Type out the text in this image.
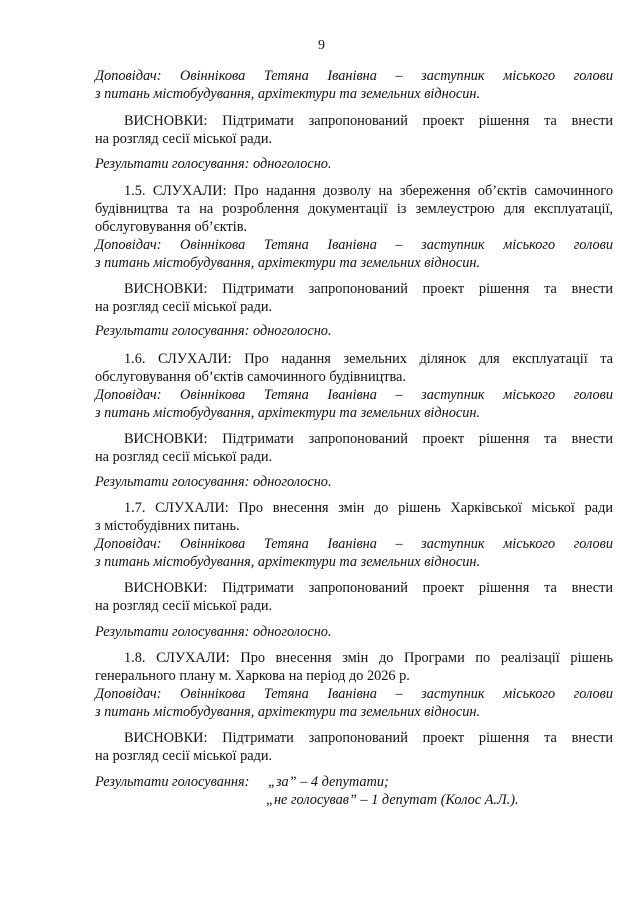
9
Доповідач: Овіннікова Тетяна Іванівна – заступник міського голови
з питань містобудування, архітектури та земельних відносин.
ВИСНОВКИ: Підтримати запропонований проект рішення та внести
на розгляд сесії міської ради.
Результати голосування: одноголосно.
1.5. СЛУХАЛИ: Про надання дозволу на збереження об’єктів самочинного
будівництва та на розроблення документації із землеустрою для експлуатації,
обслуговування об’єктів.
Доповідач: Овіннікова Тетяна Іванівна – заступник міського голови
з питань містобудування, архітектури та земельних відносин.
ВИСНОВКИ: Підтримати запропонований проект рішення та внести
на розгляд сесії міської ради.
Результати голосування: одноголосно.
1.6. СЛУХАЛИ: Про надання земельних ділянок для експлуатації та
обслуговування об’єктів самочинного будівництва.
Доповідач: Овіннікова Тетяна Іванівна – заступник міського голови
з питань містобудування, архітектури та земельних відносин.
ВИСНОВКИ: Підтримати запропонований проект рішення та внести
на розгляд сесії міської ради.
Результати голосування: одноголосно.
1.7. СЛУХАЛИ: Про внесення змін до рішень Харківської міської ради
з містобудівних питань.
Доповідач: Овіннікова Тетяна Іванівна – заступник міського голови
з питань містобудування, архітектури та земельних відносин.
ВИСНОВКИ: Підтримати запропонований проект рішення та внести
на розгляд сесії міської ради.
Результати голосування: одноголосно.
1.8. СЛУХАЛИ: Про внесення змін до Програми по реалізації рішень
генерального плану м. Харкова на період до 2026 р.
Доповідач: Овіннікова Тетяна Іванівна – заступник міського голови
з питань містобудування, архітектури та земельних відносин.
ВИСНОВКИ: Підтримати запропонований проект рішення та внести
на розгляд сесії міської ради.
Результати голосування:	„за” – 4 депутати;
„не голосував” – 1 депутат (Колос А.Л.).
